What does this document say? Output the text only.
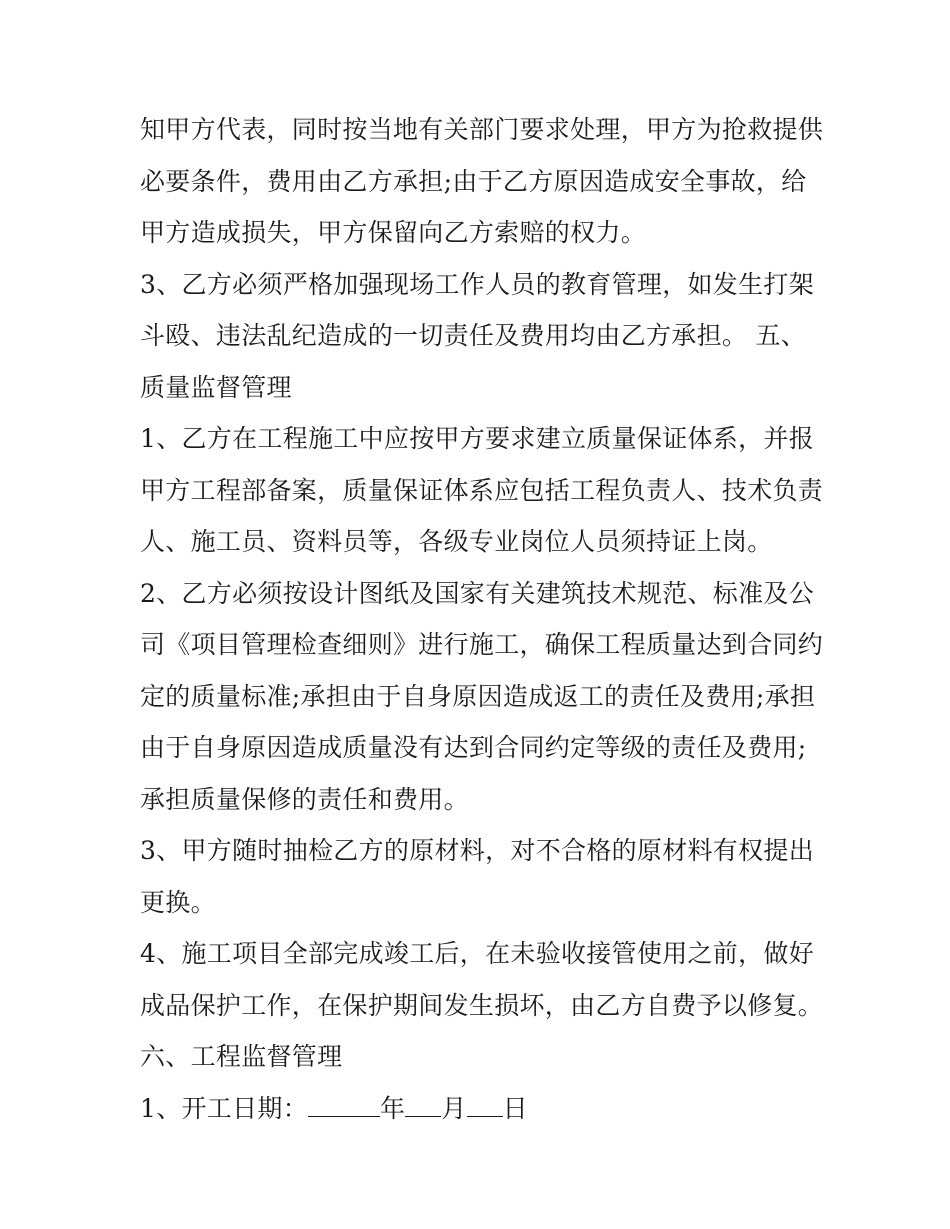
知甲方代表，同时按当地有关部门要求处理，甲方为抢救提供
必要条件，费用由乙方承担;由于乙方原因造成安全事故，给
甲方造成损失，甲方保留向乙方索赔的权力。
3、乙方必须严格加强现场工作人员的教育管理，如发生打架
斗殴、违法乱纪造成的一切责任及费用均由乙方承担。 五、
质量监督管理
1、乙方在工程施工中应按甲方要求建立质量保证体系，并报
甲方工程部备案，质量保证体系应包括工程负责人、技术负责
人、施工员、资料员等，各级专业岗位人员须持证上岗。
2、乙方必须按设计图纸及国家有关建筑技术规范、标准及公
司《项目管理检查细则》进行施工，确保工程质量达到合同约
定的质量标准;承担由于自身原因造成返工的责任及费用;承担
由于自身原因造成质量没有达到合同约定等级的责任及费用;
承担质量保修的责任和费用。
3、甲方随时抽检乙方的原材料，对不合格的原材料有权提出
更换。
4、施工项目全部完成竣工后，在未验收接管使用之前，做好
成品保护工作，在保护期间发生损坏，由乙方自费予以修复。
六、工程监督管理
1、开工日期：	年 月 日
